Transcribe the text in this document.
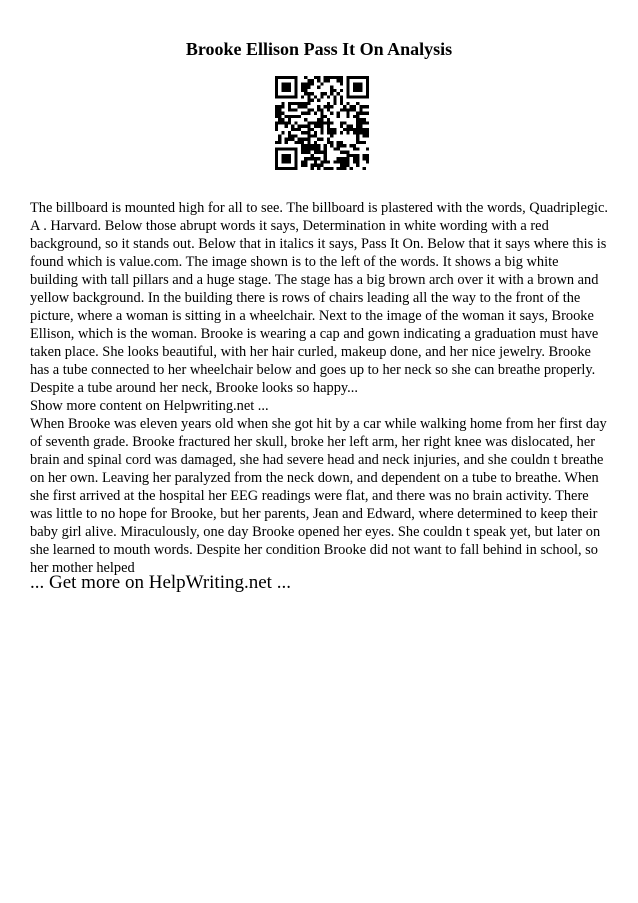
Brooke Ellison Pass It On Analysis

The billboard is mounted high for all to see. The billboard is plastered with the words, Quadriplegic. A . Harvard. Below those abrupt words it says, Determination in white wording with a red background, so it stands out. Below that in italics it says, Pass It On. Below that it says where this is found which is value.com. The image shown is to the left of the words. It shows a big white building with tall pillars and a huge stage. The stage has a big brown arch over it with a brown and yellow background. In the building there is rows of chairs leading all the way to the front of the picture, where a woman is sitting in a wheelchair. Next to the image of the woman it says, Brooke Ellison, which is the woman. Brooke is wearing a cap and gown indicating a graduation must have taken place. She looks beautiful, with her hair curled, makeup done, and her nice jewelry. Brooke has a tube connected to her wheelchair below and goes up to her neck so she can breathe properly. Despite a tube around her neck, Brooke looks so happy...

Show more content on Helpwriting.net ...

When Brooke was eleven years old when she got hit by a car while walking home from her first day of seventh grade. Brooke fractured her skull, broke her left arm, her right knee was dislocated, her brain and spinal cord was damaged, she had severe head and neck injuries, and she couldn t breathe on her own. Leaving her paralyzed from the neck down, and dependent on a tube to breathe. When she first arrived at the hospital her EEG readings were flat, and there was no brain activity. There was little to no hope for Brooke, but her parents, Jean and Edward, where determined to keep their baby girl alive. Miraculously, one day Brooke opened her eyes. She couldn t speak yet, but later on she learned to mouth words. Despite her condition Brooke did not want to fall behind in school, so her mother helped

... Get more on HelpWriting.net ...
